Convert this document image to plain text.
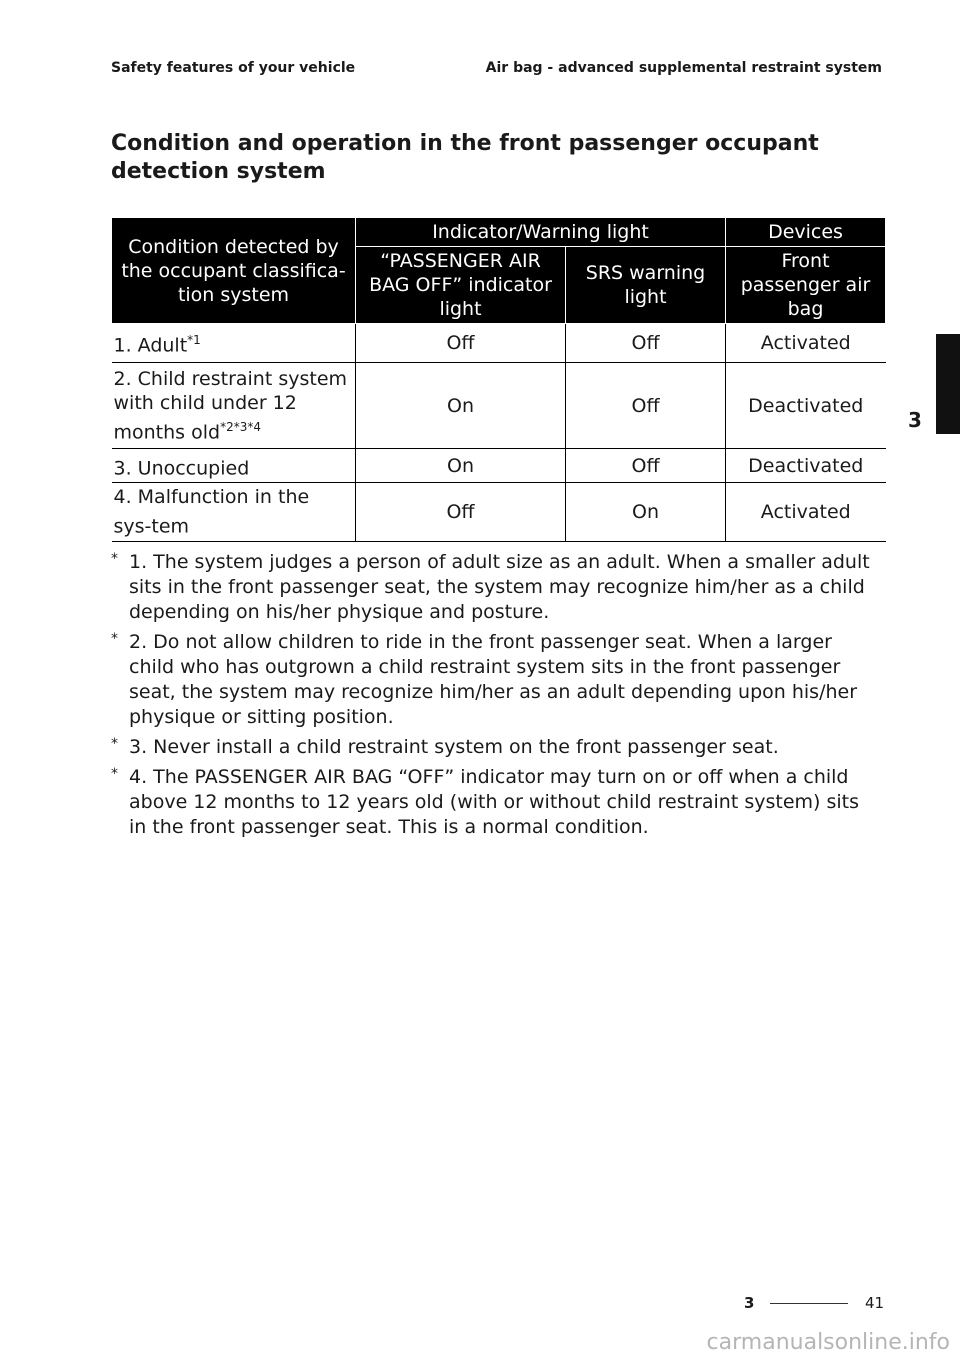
Safety features of your vehicle	Air bag - advanced supplemental restraint system
Condition and operation in the front passenger occupant detection system
3
Condition detected by the occupant classifica-tion system	Indicator/Warning light		Devices
	“PASSENGER AIR BAG OFF” indicator light	SRS warning light	Front passenger air bag
1. Adult$^{*1}$	Off	Off	Activated
2. Child restraint system with child under 12 months old$^{*2*3*4}$	On	Off	Deactivated
3. Unoccupied	On	Off	Deactivated
4. Malfunction in the sys-tem	Off	On	Activated
* 1. The system judges a person of adult size as an adult. When a smaller adult sits in the front passenger seat, the system may recognize him/her as a child depending on his/her physique and posture.
* 2. Do not allow children to ride in the front passenger seat. When a larger child who has outgrown a child restraint system sits in the front passenger seat, the system may recognize him/her as an adult depending upon his/her physique or sitting position.
* 3. Never install a child restraint system on the front passenger seat.
* 4. The PASSENGER AIR BAG “OFF” indicator may turn on or off when a child above 12 months to 12 years old (with or without child restraint system) sits in the front passenger seat. This is a normal condition.
3	41
carmanualsonline.info
